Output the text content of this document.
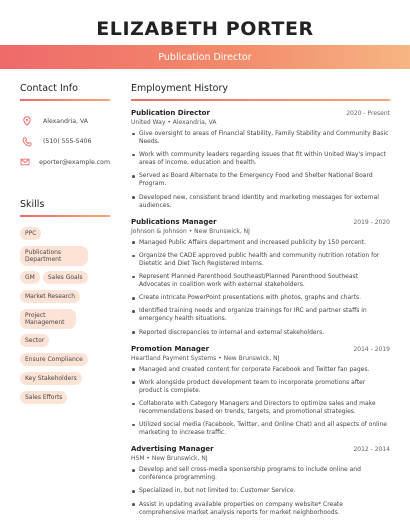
ELIZABETH PORTER
Publication Director
Contact Info
Alexandria, VA
(510) 555-5406
eporter@example.com
Skills
PPC
Publications Department
GM Sales Goals
Market Research
Project Management
Sector
Ensure Compliance
Key Stakeholders
Sales Efforts
Employment History
Publication Director	2020 - Present
United Way • Alexandria, VA
Give oversight to areas of Financial Stability, Family Stability and Community Basic Needs.
Work with community leaders regarding issues that fit within United Way's impact areas of income, education and health.
Served as Board Alternate to the Emergency Food and Shelter National Board Program.
Developed new, consistent brand identity and marketing messages for external audiences.
Publications Manager	2019 - 2020
Johnson & Johnson • New Brunswick, NJ
Managed Public Affairs department and increased publicity by 150 percent.
Organize the CADE approved public health and community nutrition rotation for Dietetic and Diet Tech Registered Interns.
Represent Planned Parenthood Southeast/Planned Parenthood Southeast Advocates in coalition work with external stakeholders.
Create intricate PowerPoint presentations with photos, graphs and charts.
Identified training needs and organize trainings for IRC and partner staffs in emergency health situations.
Reported discrepancies to internal and external stakeholders.
Promotion Manager	2014 - 2019
Heartland Payment Systems • New Brunswick, NJ
Managed and created content for corporate Facebook and Twitter fan pages.
Work alongside product development team to incorporate promotions after product is complete.
Collaborate with Category Managers and Directors to optimize sales and make recommendations based on trends, targets, and promotional strategies.
Utilized social media (Facebook, Twitter, and Online Chat) and all aspects of online marketing to increase traffic.
Advertising Manager	2012 - 2014
HSM • New Brunswick, NJ
Develop and sell cross-media sponsorship programs to include online and conference programming.
Specialized in, but not limited to: Customer Service.
Assist in updating available properties on company website* Create comprehensive market analysis reports for market neighborhoods.
